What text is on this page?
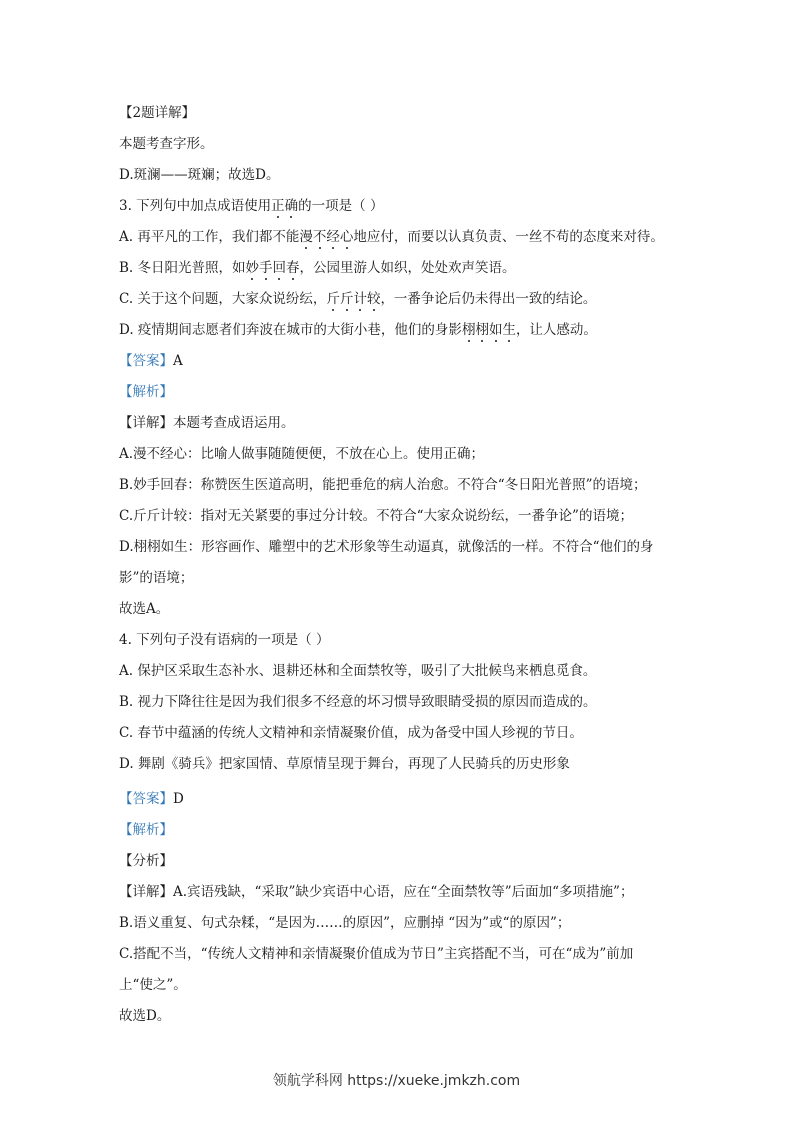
【2题详解】
本题考查字形。
D.斑澜——斑斓；故选D。
3. 下列句中加点成语使用正确的一项是（ ）
A. 再平凡的工作，我们都不能漫不经心地应付，而要以认真负责、一丝不苟的态度来对待。
B. 冬日阳光普照，如妙手回春，公园里游人如织，处处欢声笑语。
C. 关于这个问题，大家众说纷纭，斤斤计较，一番争论后仍未得出一致的结论。
D. 疫情期间志愿者们奔波在城市的大街小巷，他们的身影栩栩如生，让人感动。
【答案】A
【解析】
【详解】本题考查成语运用。
A.漫不经心：比喻人做事随随便便，不放在心上。使用正确；
B.妙手回春：称赞医生医道高明，能把垂危的病人治愈。不符合“冬日阳光普照”的语境；
C.斤斤计较：指对无关紧要的事过分计较。不符合“大家众说纷纭，一番争论”的语境；
D.栩栩如生：形容画作、雕塑中的艺术形象等生动逼真，就像活的一样。不符合“他们的身
影”的语境；
故选A。
4. 下列句子没有语病的一项是（ ）
A. 保护区采取生态补水、退耕还林和全面禁牧等，吸引了大批候鸟来栖息觅食。
B. 视力下降往往是因为我们很多不经意的坏习惯导致眼睛受损的原因而造成的。
C. 春节中蕴涵的传统人文精神和亲情凝聚价值，成为备受中国人珍视的节日。
D. 舞剧《骑兵》把家国情、草原情呈现于舞台，再现了人民骑兵的历史形象
【答案】D
【解析】
【分析】
【详解】A.宾语残缺，“采取”缺少宾语中心语，应在“全面禁牧等”后面加“多项措施”；
B.语义重复、句式杂糅，“是因为……的原因”，应删掉 “因为”或“的原因”；
C.搭配不当，“传统人文精神和亲情凝聚价值成为节日”主宾搭配不当，可在“成为”前加
上“使之”。
故选D。
领航学科网 https://xueke.jmkzh.com
